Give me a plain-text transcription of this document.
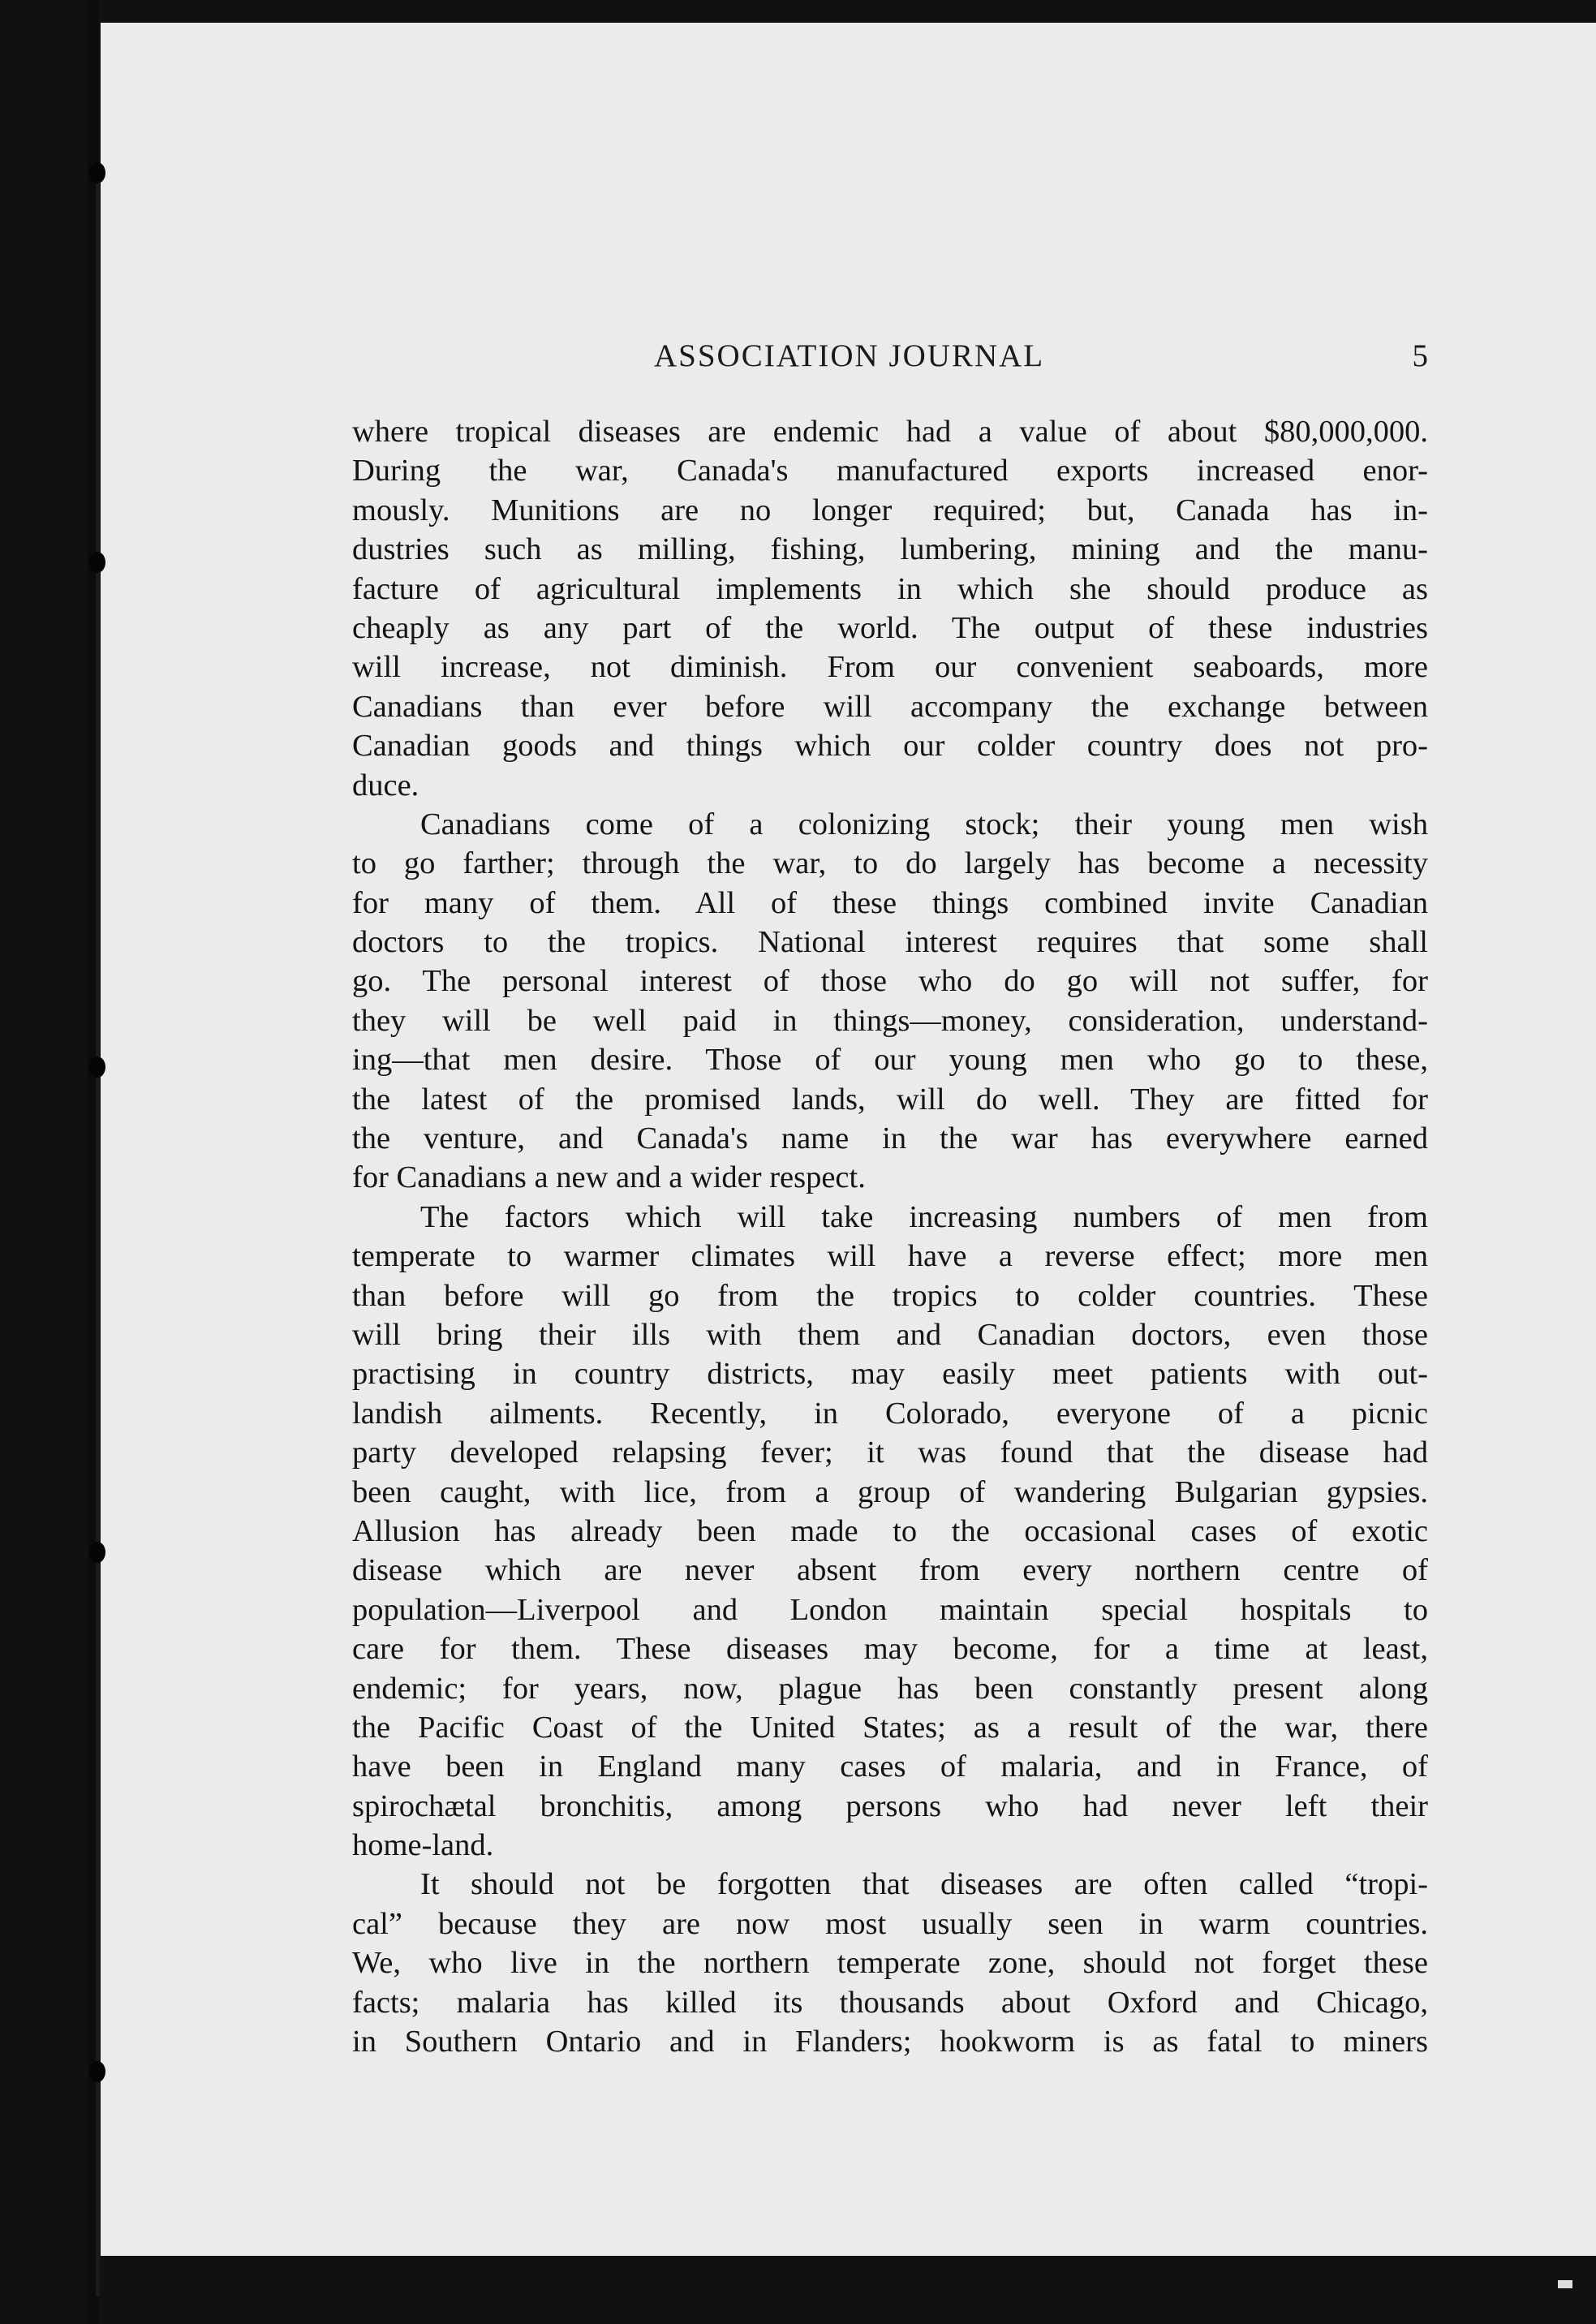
ASSOCIATION JOURNAL	5
where tropical diseases are endemic had a value of about $80,000,000.
During the war, Canada's manufactured exports increased enor-
mously. Munitions are no longer required; but, Canada has in-
dustries such as milling, fishing, lumbering, mining and the manu-
facture of agricultural implements in which she should produce as
cheaply as any part of the world. The output of these industries
will increase, not diminish. From our convenient seaboards, more
Canadians than ever before will accompany the exchange between
Canadian goods and things which our colder country does not pro-
duce.
Canadians come of a colonizing stock; their young men wish
to go farther; through the war, to do largely has become a necessity
for many of them. All of these things combined invite Canadian
doctors to the tropics. National interest requires that some shall
go. The personal interest of those who do go will not suffer, for
they will be well paid in things—money, consideration, understand-
ing—that men desire. Those of our young men who go to these,
the latest of the promised lands, will do well. They are fitted for
the venture, and Canada's name in the war has everywhere earned
for Canadians a new and a wider respect.
The factors which will take increasing numbers of men from
temperate to warmer climates will have a reverse effect; more men
than before will go from the tropics to colder countries. These
will bring their ills with them and Canadian doctors, even those
practising in country districts, may easily meet patients with out-
landish ailments. Recently, in Colorado, everyone of a picnic
party developed relapsing fever; it was found that the disease had
been caught, with lice, from a group of wandering Bulgarian gypsies.
Allusion has already been made to the occasional cases of exotic
disease which are never absent from every northern centre of
population—Liverpool and London maintain special hospitals to
care for them. These diseases may become, for a time at least,
endemic; for years, now, plague has been constantly present along
the Pacific Coast of the United States; as a result of the war, there
have been in England many cases of malaria, and in France, of
spirochætal bronchitis, among persons who had never left their
home-land.
It should not be forgotten that diseases are often called “tropi-
cal” because they are now most usually seen in warm countries.
We, who live in the northern temperate zone, should not forget these
facts; malaria has killed its thousands about Oxford and Chicago,
in Southern Ontario and in Flanders; hookworm is as fatal to miners
